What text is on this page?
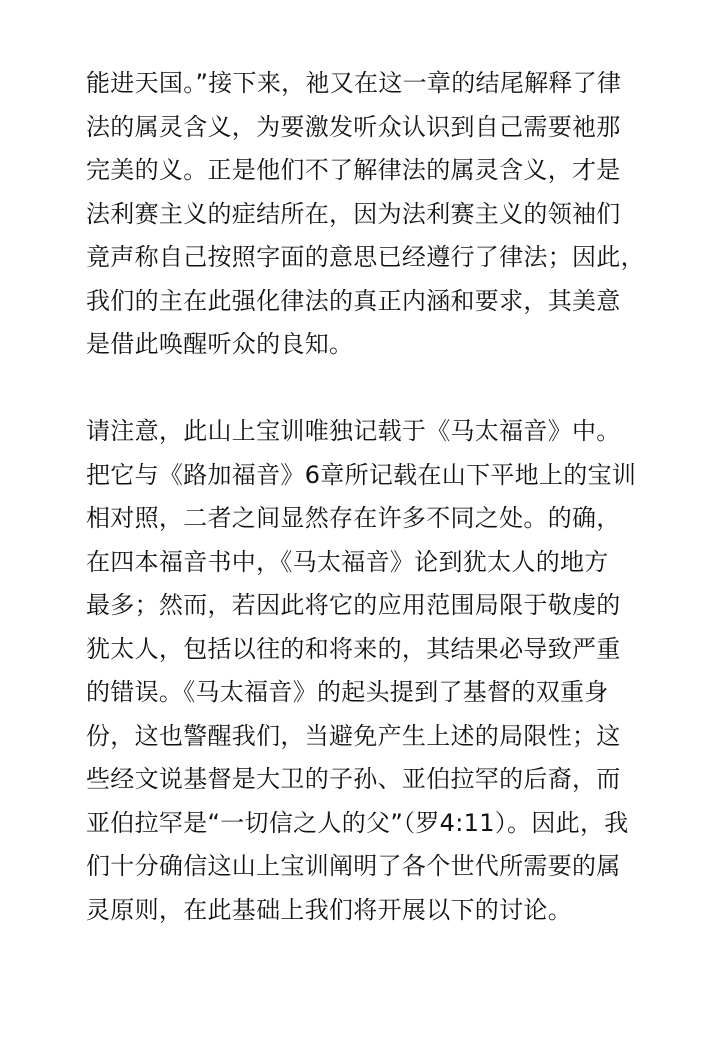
能进天国。”接下来，祂又在这一章的结尾解释了律
法的属灵含义，为要激发听众认识到自己需要祂那
完美的义。正是他们不了解律法的属灵含义，才是
法利赛主义的症结所在，因为法利赛主义的领袖们
竟声称自己按照字面的意思已经遵行了律法；因此，
我们的主在此强化律法的真正内涵和要求，其美意
是借此唤醒听众的良知。
请注意，此山上宝训唯独记载于《马太福音》中。
把它与《路加福音》6章所记载在山下平地上的宝训
相对照，二者之间显然存在许多不同之处。的确，
在四本福音书中，《马太福音》论到犹太人的地方
最多；然而，若因此将它的应用范围局限于敬虔的
犹太人，包括以往的和将来的，其结果必导致严重
的错误。《马太福音》的起头提到了基督的双重身
份，这也警醒我们，当避免产生上述的局限性；这
些经文说基督是大卫的子孙、亚伯拉罕的后裔，而
亚伯拉罕是“一切信之人的父”（罗4:11）。因此，我
们十分确信这山上宝训阐明了各个世代所需要的属
灵原则，在此基础上我们将开展以下的讨论。
